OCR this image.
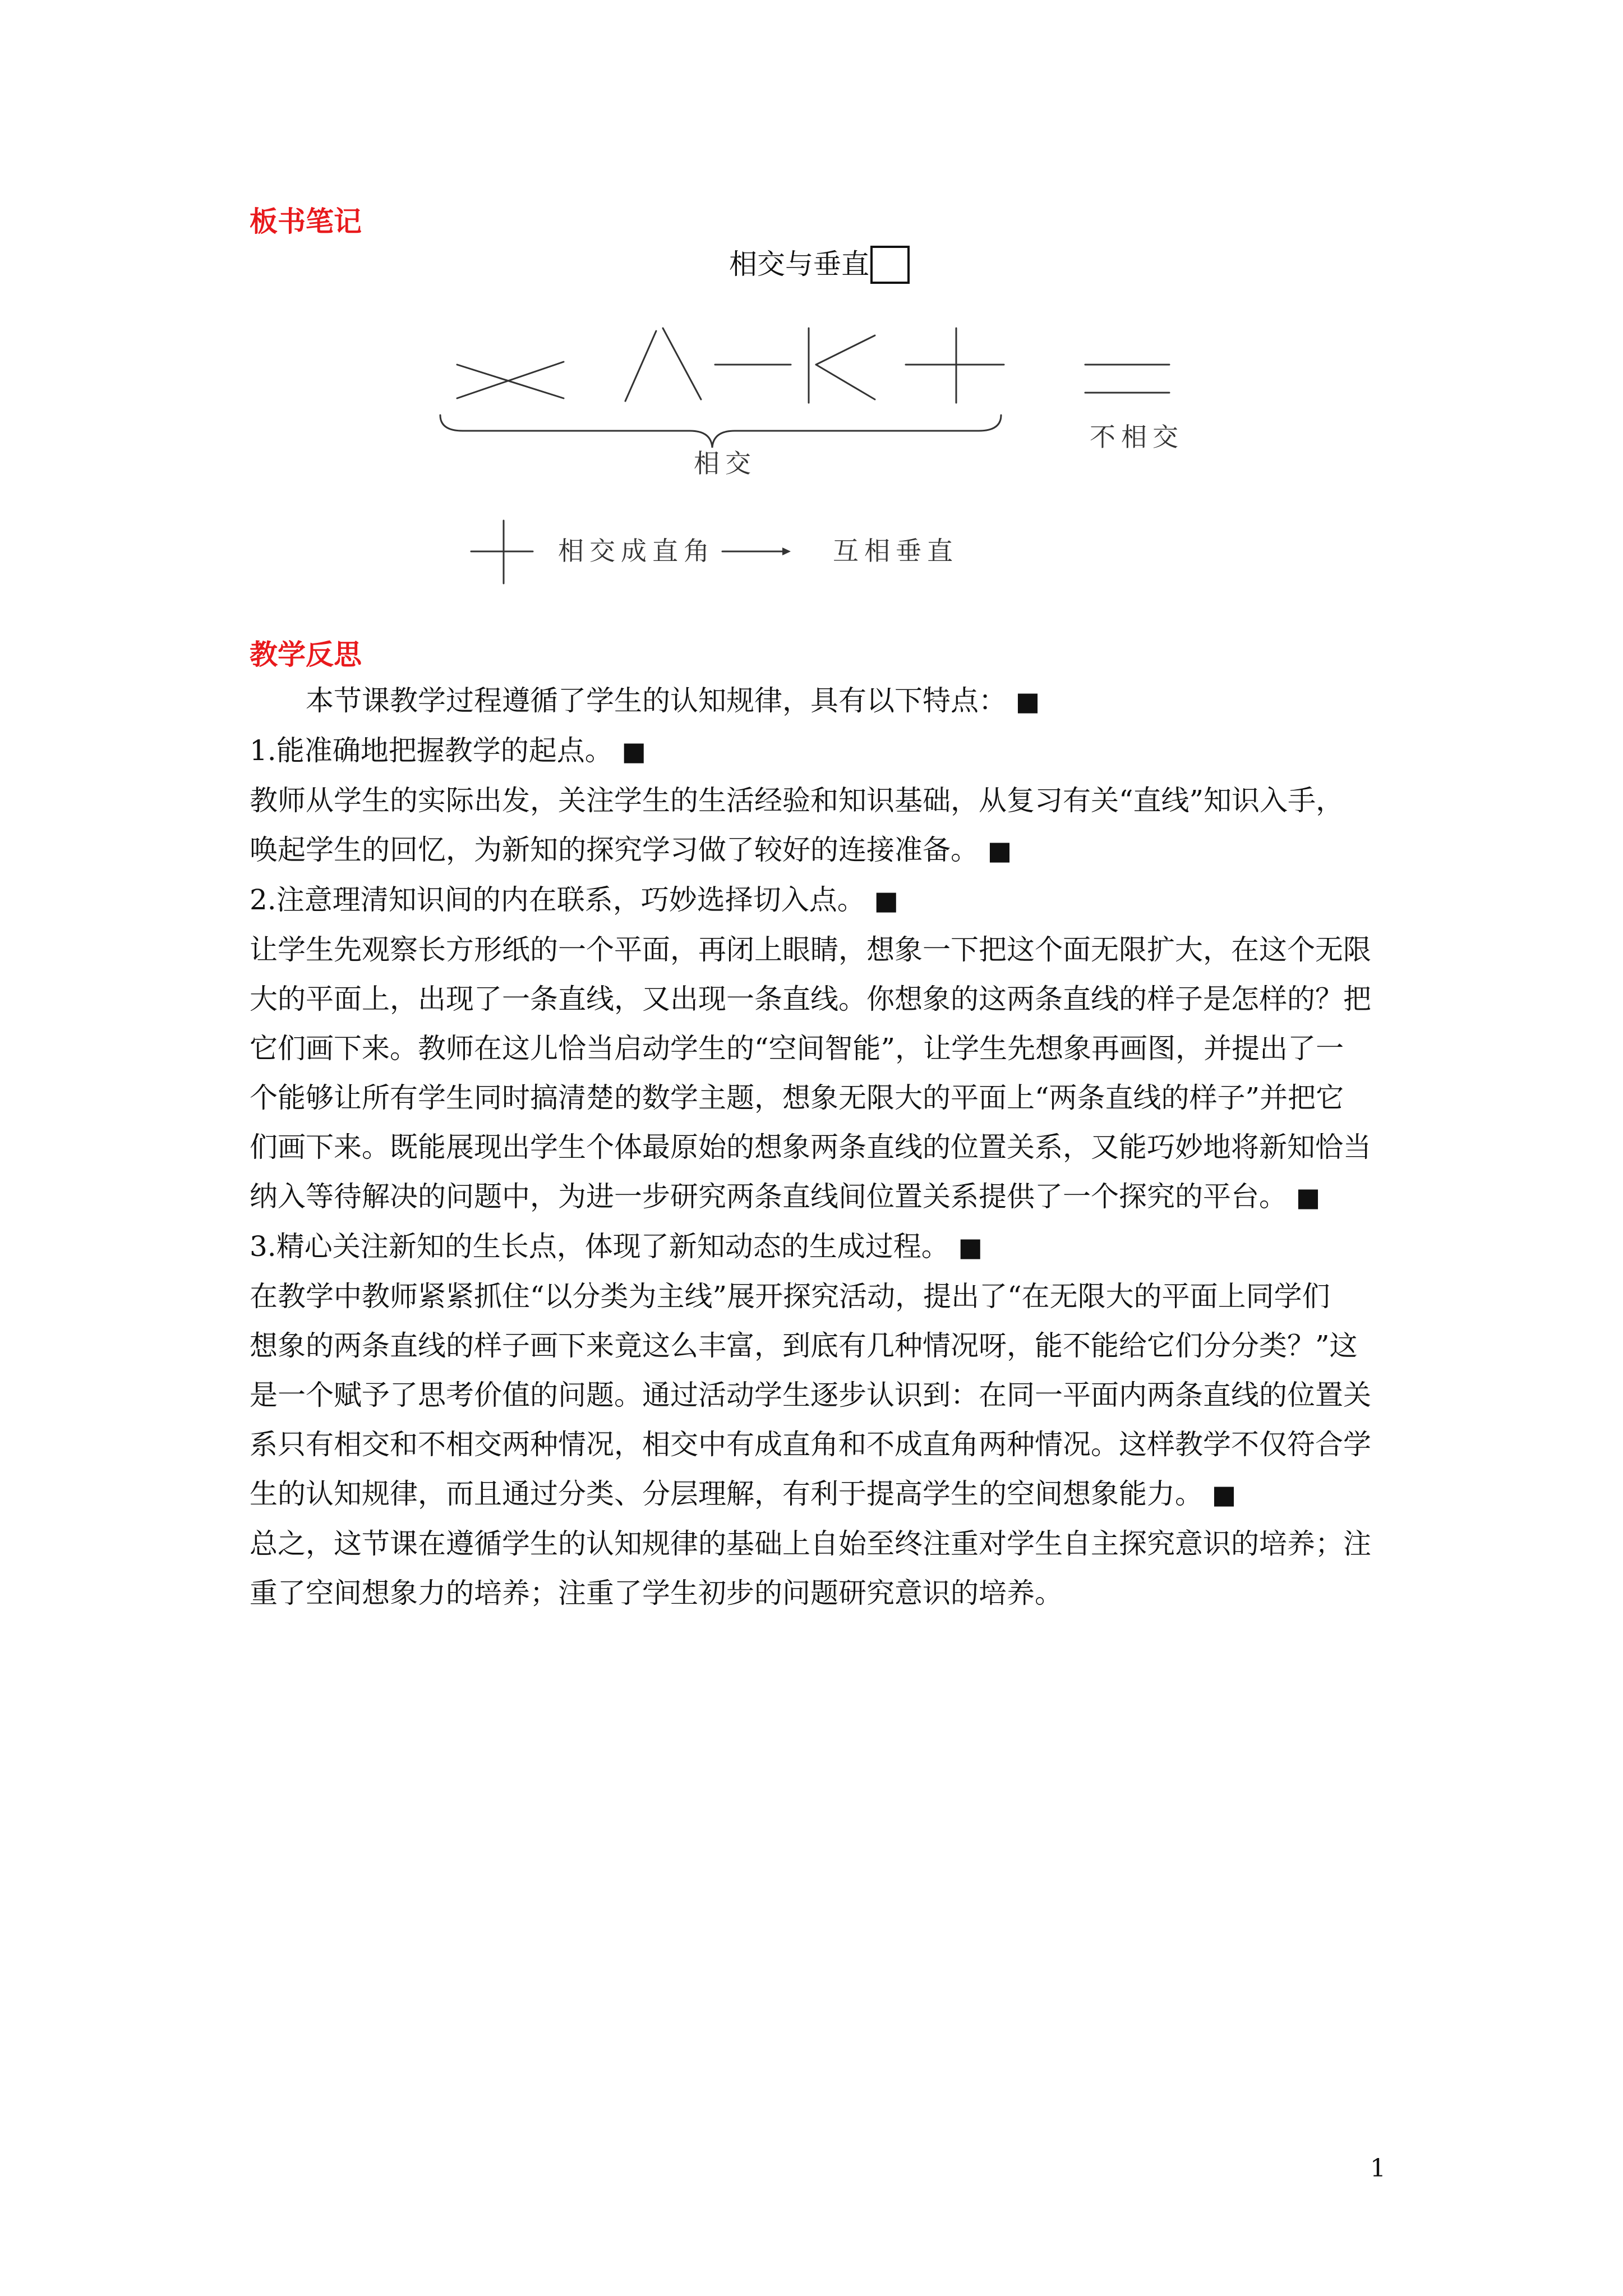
板书笔记
相交与垂直
相交
不相交
相交成直角	互相垂直
教学反思

本节课教学过程遵循了学生的认知规律，具有以下特点： ■

1.能准确地把握教学的起点。 ■

教师从学生的实际出发，关注学生的生活经验和知识基础，从复习有关“直线”知识入手，

唤起学生的回忆，为新知的探究学习做了较好的连接准备。 ■

2.注意理清知识间的内在联系，巧妙选择切入点。 ■

让学生先观察长方形纸的一个平面，再闭上眼睛，想象一下把这个面无限扩大，在这个无限

大的平面上，出现了一条直线，又出现一条直线。你想象的这两条直线的样子是怎样的？把

它们画下来。教师在这儿恰当启动学生的“空间智能”，让学生先想象再画图，并提出了一

个能够让所有学生同时搞清楚的数学主题，想象无限大的平面上“两条直线的样子”并把它

们画下来。既能展现出学生个体最原始的想象两条直线的位置关系，又能巧妙地将新知恰当

纳入等待解决的问题中，为进一步研究两条直线间位置关系提供了一个探究的平台。 ■

3.精心关注新知的生长点，体现了新知动态的生成过程。 ■

在教学中教师紧紧抓住“以分类为主线”展开探究活动，提出了“在无限大的平面上同学们

想象的两条直线的样子画下来竟这么丰富，到底有几种情况呀，能不能给它们分分类？”这

是一个赋予了思考价值的问题。通过活动学生逐步认识到：在同一平面内两条直线的位置关

系只有相交和不相交两种情况，相交中有成直角和不成直角两种情况。这样教学不仅符合学

生的认知规律，而且通过分类、分层理解，有利于提高学生的空间想象能力。 ■

总之，这节课在遵循学生的认知规律的基础上自始至终注重对学生自主探究意识的培养；注

重了空间想象力的培养；注重了学生初步的问题研究意识的培养。

1
